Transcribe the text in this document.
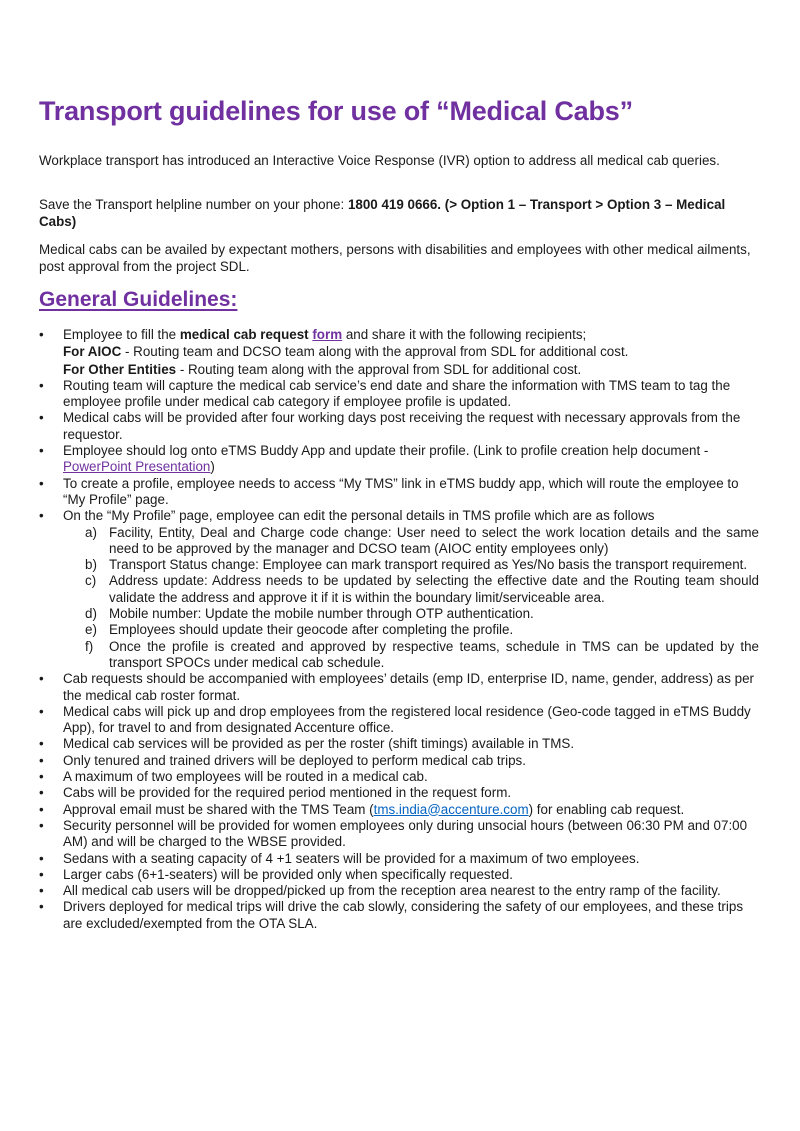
Transport guidelines for use of “Medical Cabs”

Workplace transport has introduced an Interactive Voice Response (IVR) option to address all medical cab queries.

Save the Transport helpline number on your phone: 1800 419 0666. (> Option 1 – Transport > Option 3 – Medical Cabs)

Medical cabs can be availed by expectant mothers, persons with disabilities and employees with other medical ailments, post approval from the project SDL.

General Guidelines:
• Employee to fill the medical cab request form and share it with the following recipients;
For AIOC - Routing team and DCSO team along with the approval from SDL for additional cost.
For Other Entities - Routing team along with the approval from SDL for additional cost.
• Routing team will capture the medical cab service’s end date and share the information with TMS team to tag the employee profile under medical cab category if employee profile is updated.
• Medical cabs will be provided after four working days post receiving the request with necessary approvals from the requestor.
• Employee should log onto eTMS Buddy App and update their profile. (Link to profile creation help document - PowerPoint Presentation)
• To create a profile, employee needs to access “My TMS” link in eTMS buddy app, which will route the employee to “My Profile” page.
• On the “My Profile” page, employee can edit the personal details in TMS profile which are as follows
a) Facility, Entity, Deal and Charge code change: User need to select the work location details and the same need to be approved by the manager and DCSO team (AIOC entity employees only)
b) Transport Status change: Employee can mark transport required as Yes/No basis the transport requirement.
c) Address update: Address needs to be updated by selecting the effective date and the Routing team should validate the address and approve it if it is within the boundary limit/serviceable area.
d) Mobile number: Update the mobile number through OTP authentication.
e) Employees should update their geocode after completing the profile.
f) Once the profile is created and approved by respective teams, schedule in TMS can be updated by the transport SPOCs under medical cab schedule.
• Cab requests should be accompanied with employees’ details (emp ID, enterprise ID, name, gender, address) as per the medical cab roster format.
• Medical cabs will pick up and drop employees from the registered local residence (Geo-code tagged in eTMS Buddy App), for travel to and from designated Accenture office.
• Medical cab services will be provided as per the roster (shift timings) available in TMS.
• Only tenured and trained drivers will be deployed to perform medical cab trips.
• A maximum of two employees will be routed in a medical cab.
• Cabs will be provided for the required period mentioned in the request form.
• Approval email must be shared with the TMS Team (tms.india@accenture.com) for enabling cab request.
• Security personnel will be provided for women employees only during unsocial hours (between 06:30 PM and 07:00 AM) and will be charged to the WBSE provided.
• Sedans with a seating capacity of 4 +1 seaters will be provided for a maximum of two employees.
• Larger cabs (6+1-seaters) will be provided only when specifically requested.
• All medical cab users will be dropped/picked up from the reception area nearest to the entry ramp of the facility.
• Drivers deployed for medical trips will drive the cab slowly, considering the safety of our employees, and these trips are excluded/exempted from the OTA SLA.
